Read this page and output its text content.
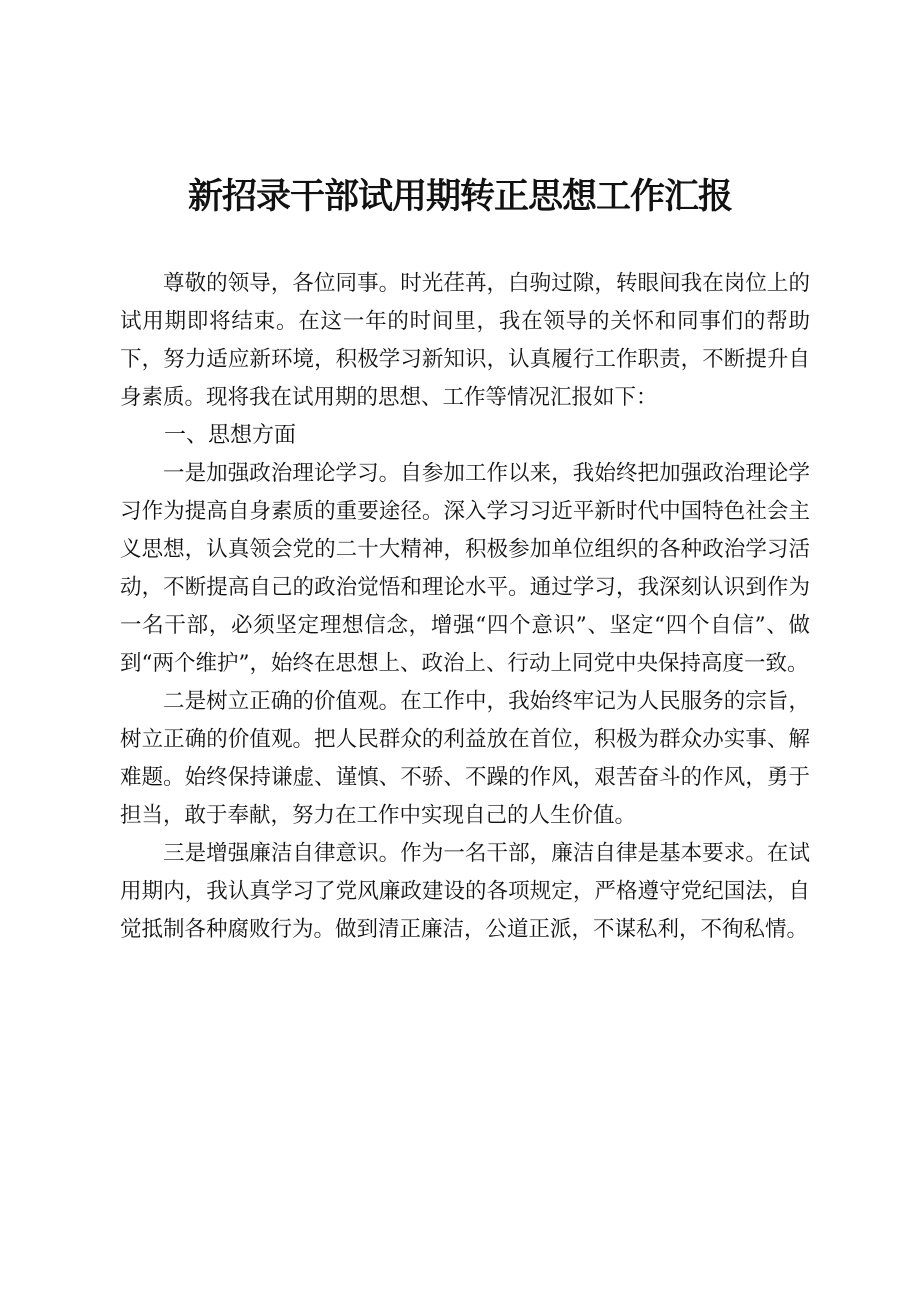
新招录干部试用期转正思想工作汇报

尊敬的领导，各位同事。时光荏苒，白驹过隙，转眼间我在岗位上的试用期即将结束。在这一年的时间里，我在领导的关怀和同事们的帮助下，努力适应新环境，积极学习新知识，认真履行工作职责，不断提升自身素质。现将我在试用期的思想、工作等情况汇报如下：

一、思想方面

一是加强政治理论学习。自参加工作以来，我始终把加强政治理论学习作为提高自身素质的重要途径。深入学习习近平新时代中国特色社会主义思想，认真领会党的二十大精神，积极参加单位组织的各种政治学习活动，不断提高自己的政治觉悟和理论水平。通过学习，我深刻认识到作为一名干部，必须坚定理想信念，增强“四个意识”、坚定“四个自信”、做到“两个维护”，始终在思想上、政治上、行动上同党中央保持高度一致。

二是树立正确的价值观。在工作中，我始终牢记为人民服务的宗旨，树立正确的价值观。把人民群众的利益放在首位，积极为群众办实事、解难题。始终保持谦虚、谨慎、不骄、不躁的作风，艰苦奋斗的作风，勇于担当，敢于奉献，努力在工作中实现自己的人生价值。

三是增强廉洁自律意识。作为一名干部，廉洁自律是基本要求。在试用期内，我认真学习了党风廉政建设的各项规定，严格遵守党纪国法，自觉抵制各种腐败行为。做到清正廉洁，公道正派，不谋私利，不徇私情。
